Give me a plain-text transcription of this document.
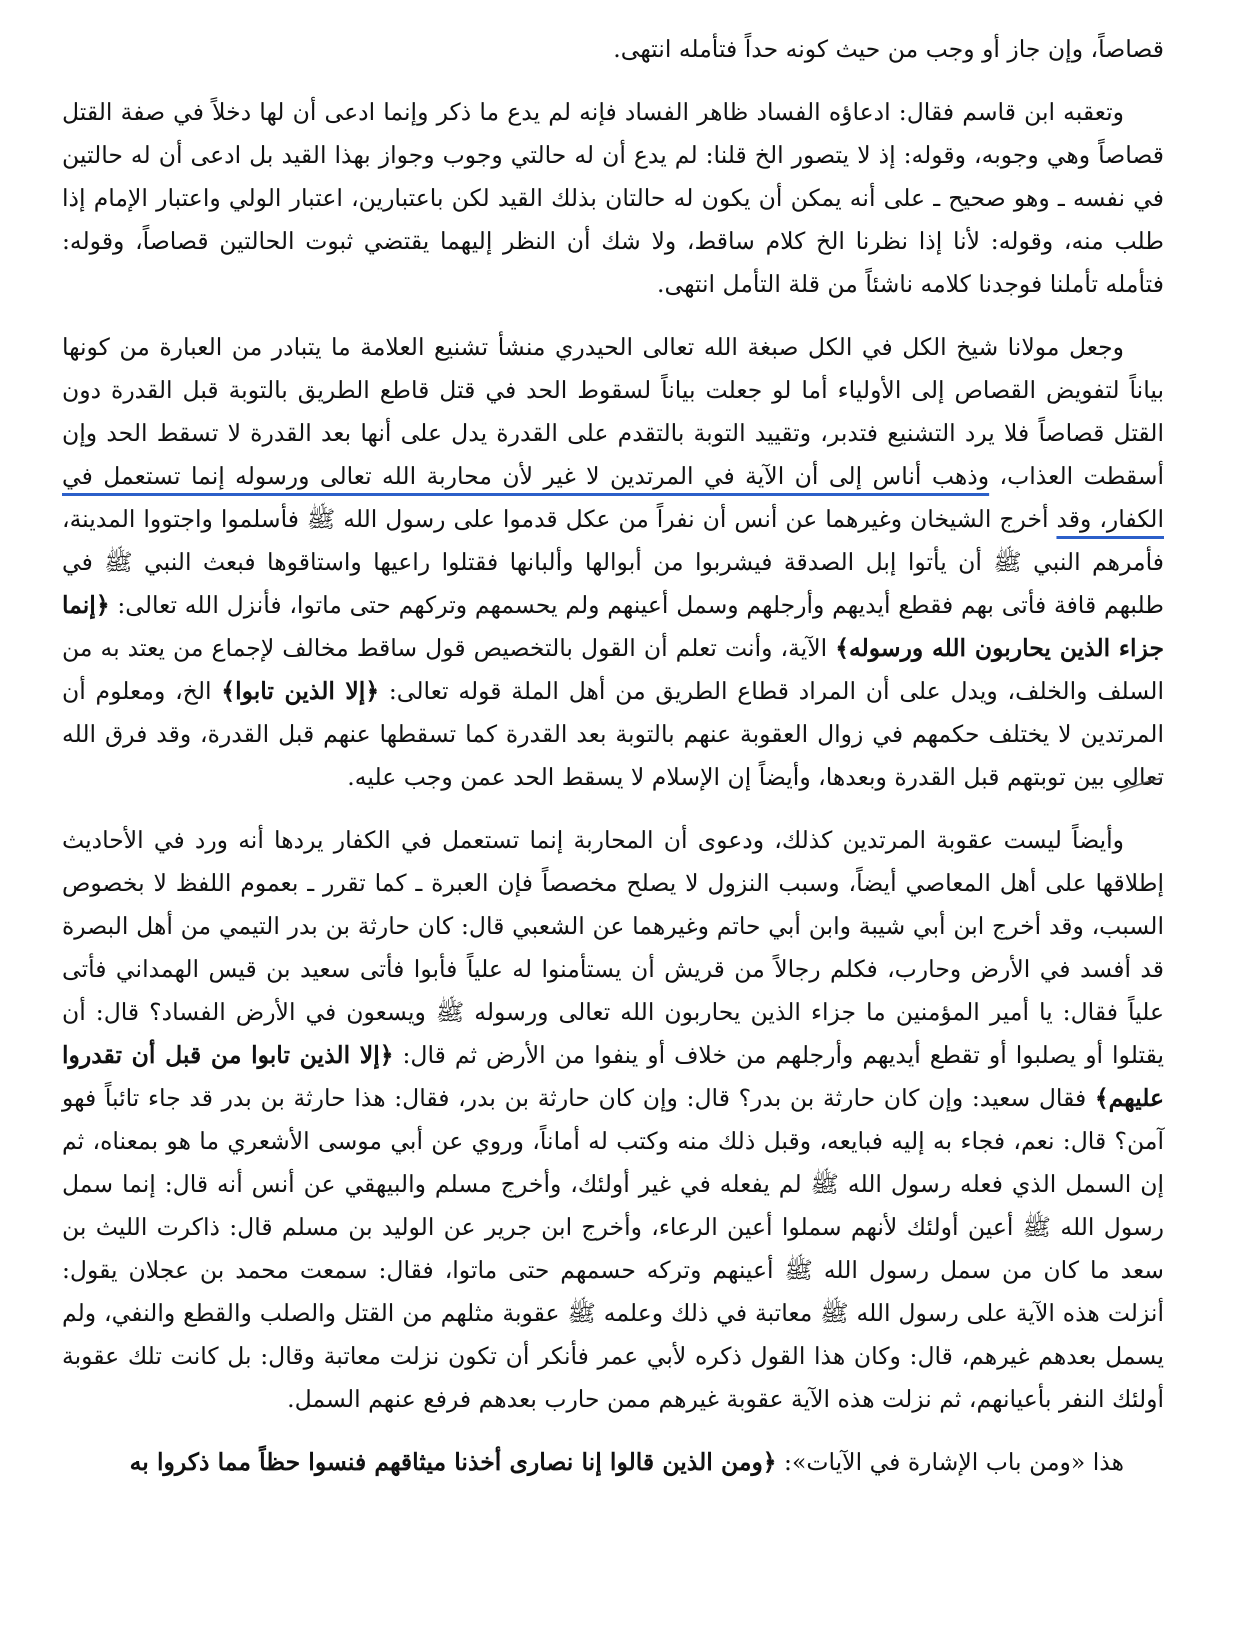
قصاصاً، وإن جاز أو وجب من حيث كونه حداً فتأمله انتهى.
وتعقبه ابن قاسم فقال: ادعاؤه الفساد ظاهر الفساد فإنه لم يدع ما ذكر وإنما ادعى أن لها دخلاً في صفة القتل قصاصاً وهي وجوبه، وقوله: إذ لا يتصور الخ قلنا: لم يدع أن له حالتي وجوب وجواز بهذا القيد بل ادعى أن له حالتين في نفسه ـ وهو صحيح ـ على أنه يمكن أن يكون له حالتان بذلك القيد لكن باعتبارين، اعتبار الولي واعتبار الإمام إذا طلب منه، وقوله: لأنا إذا نظرنا الخ كلام ساقط، ولا شك أن النظر إليهما يقتضي ثبوت الحالتين قصاصاً، وقوله: فتأمله تأملنا فوجدنا كلامه ناشئاً من قلة التأمل انتهى.
وجعل مولانا شيخ الكل في الكل صبغة الله تعالى الحيدري منشأ تشنيع العلامة ما يتبادر من العبارة من كونها بياناً لتفويض القصاص إلى الأولياء أما لو جعلت بياناً لسقوط الحد في قتل قاطع الطريق بالتوبة قبل القدرة دون القتل قصاصاً فلا يرد التشنيع فتدبر، وتقييد التوبة بالتقدم على القدرة يدل على أنها بعد القدرة لا تسقط الحد وإن أسقطت العذاب، وذهب أناس إلى أن الآية في المرتدين لا غير لأن محاربة الله تعالى ورسوله إنما تستعمل في الكفار، وقد أخرج الشيخان وغيرهما عن أنس أن نفراً من عكل قدموا على رسول الله ﷺ فأسلموا واجتووا المدينة، فأمرهم النبي ﷺ أن يأتوا إبل الصدقة فيشربوا من أبوالها وألبانها فقتلوا راعيها واستاقوها فبعث النبي ﷺ في طلبهم قافة فأتى بهم فقطع أيديهم وأرجلهم وسمل أعينهم ولم يحسمهم وتركهم حتى ماتوا، فأنزل الله تعالى: ﴿إنما جزاء الذين يحاربون الله ورسوله﴾ الآية، وأنت تعلم أن القول بالتخصيص قول ساقط مخالف لإجماع من يعتد به من السلف والخلف، ويدل على أن المراد قطاع الطريق من أهل الملة قوله تعالى: ﴿إلا الذين تابوا﴾ الخ، ومعلوم أن المرتدين لا يختلف حكمهم في زوال العقوبة عنهم بالتوبة بعد القدرة كما تسقطها عنهم قبل القدرة، وقد فرق الله تعالى بين توبتهم قبل القدرة وبعدها، وأيضاً إن الإسلام لا يسقط الحد عمن وجب عليه.
وأيضاً ليست عقوبة المرتدين كذلك، ودعوى أن المحاربة إنما تستعمل في الكفار يردها أنه ورد في الأحاديث إطلاقها على أهل المعاصي أيضاً، وسبب النزول لا يصلح مخصصاً فإن العبرة ـ كما تقرر ـ بعموم اللفظ لا بخصوص السبب، وقد أخرج ابن أبي شيبة وابن أبي حاتم وغيرهما عن الشعبي قال: كان حارثة بن بدر التيمي من أهل البصرة قد أفسد في الأرض وحارب، فكلم رجالاً من قريش أن يستأمنوا له علياً فأبوا فأتى سعيد بن قيس الهمداني فأتى علياً فقال: يا أمير المؤمنين ما جزاء الذين يحاربون الله تعالى ورسوله ﷺ ويسعون في الأرض الفساد؟ قال: أن يقتلوا أو يصلبوا أو تقطع أيديهم وأرجلهم من خلاف أو ينفوا من الأرض ثم قال: ﴿إلا الذين تابوا من قبل أن تقدروا عليهم﴾ فقال سعيد: وإن كان حارثة بن بدر؟ قال: وإن كان حارثة بن بدر، فقال: هذا حارثة بن بدر قد جاء تائباً فهو آمن؟ قال: نعم، فجاء به إليه فبايعه، وقبل ذلك منه وكتب له أماناً، وروي عن أبي موسى الأشعري ما هو بمعناه، ثم إن السمل الذي فعله رسول الله ﷺ لم يفعله في غير أولئك، وأخرج مسلم والبيهقي عن أنس أنه قال: إنما سمل رسول الله ﷺ أعين أولئك لأنهم سملوا أعين الرعاء، وأخرج ابن جرير عن الوليد بن مسلم قال: ذاكرت الليث بن سعد ما كان من سمل رسول الله ﷺ أعينهم وتركه حسمهم حتى ماتوا، فقال: سمعت محمد بن عجلان يقول: أنزلت هذه الآية على رسول الله ﷺ معاتبة في ذلك وعلمه ﷺ عقوبة مثلهم من القتل والصلب والقطع والنفي، ولم يسمل بعدهم غيرهم، قال: وكان هذا القول ذكره لأبي عمر فأنكر أن تكون نزلت معاتبة وقال: بل كانت تلك عقوبة أولئك النفر بأعيانهم، ثم نزلت هذه الآية عقوبة غيرهم ممن حارب بعدهم فرفع عنهم السمل.
هذا «ومن باب الإشارة في الآيات»: ﴿ومن الذين قالوا إنا نصارى أخذنا ميثاقهم فنسوا حظاً مما ذكروا به
